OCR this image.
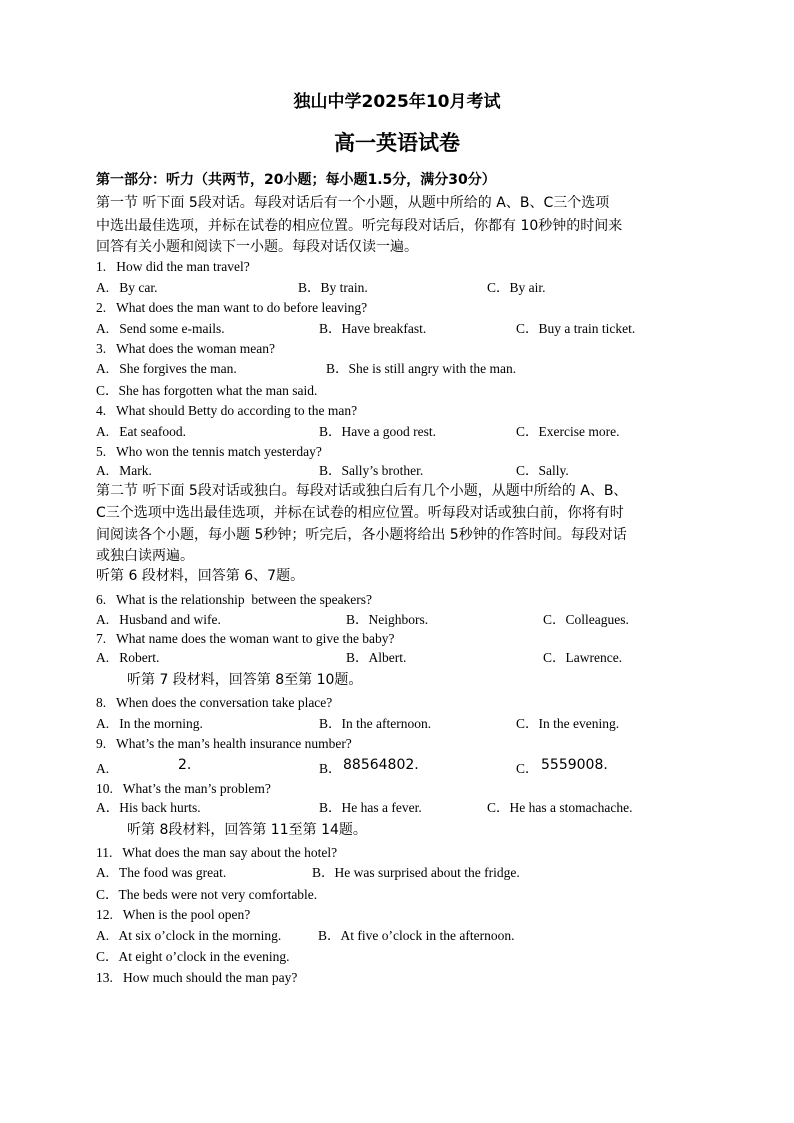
独山中学2025年10月考试
高一英语试卷
第一部分：听力（共两节，20小题；每小题1.5分，满分30分）
第一节 听下面 5段对话。每段对话后有一个小题，从题中所给的 A、B、C三个选项
中选出最佳选项，并标在试卷的相应位置。听完每段对话后，你都有 10秒钟的时间来
回答有关小题和阅读下一小题。每段对话仅读一遍。
1.   How did the man travel?
A.   By car.	B．By train.	C．By air.
2.   What does the man want to do before leaving?
A.   Send some e-mails.	B．Have breakfast.	C．Buy a train ticket.
3.   What does the woman mean?
A.   She forgives the man.	B．She is still angry with the man.
C．She has forgotten what the man said.
4.   What should Betty do according to the man?
A.   Eat seafood.	B．Have a good rest.	C．Exercise more.
5.   Who won the tennis match yesterday?
A.   Mark.	B．Sally’s brother.	C．Sally.
第二节 听下面 5段对话或独白。每段对话或独白后有几个小题，从题中所给的 A、B、
C三个选项中选出最佳选项，并标在试卷的相应位置。听每段对话或独白前，你将有时
间阅读各个小题，每小题 5秒钟；听完后，各小题将给出 5秒钟的作答时间。每段对话
或独白读两遍。
听第 6 段材料，回答第 6、7题。
6.   What is the relationship  between the speakers?
A.   Husband and wife.	B．Neighbors.	C．Colleagues.
7.   What name does the woman want to give the baby?
A.   Robert.	B．Albert.	C．Lawrence.
听第 7 段材料，回答第 8至第 10题。
8.   When does the conversation take place?
A.   In the morning.	B．In the afternoon.	C．In the evening.
9.   What’s the man’s health insurance number?
A.	2.	B． 88564802.	C． 5559008.
10.   What’s the man’s problem?
A．His back hurts.	B．He has a fever.	C．He has a stomachache.
听第 8段材料，回答第 11至第 14题。
11.   What does the man say about the hotel?
A.   The food was great.	B．He was surprised about the fridge.
C．The beds were not very comfortable.
12.   When is the pool open?
A.   At six o’clock in the morning.	B．At five o’clock in the afternoon.
C．At eight o’clock in the evening.
13.   How much should the man pay?
